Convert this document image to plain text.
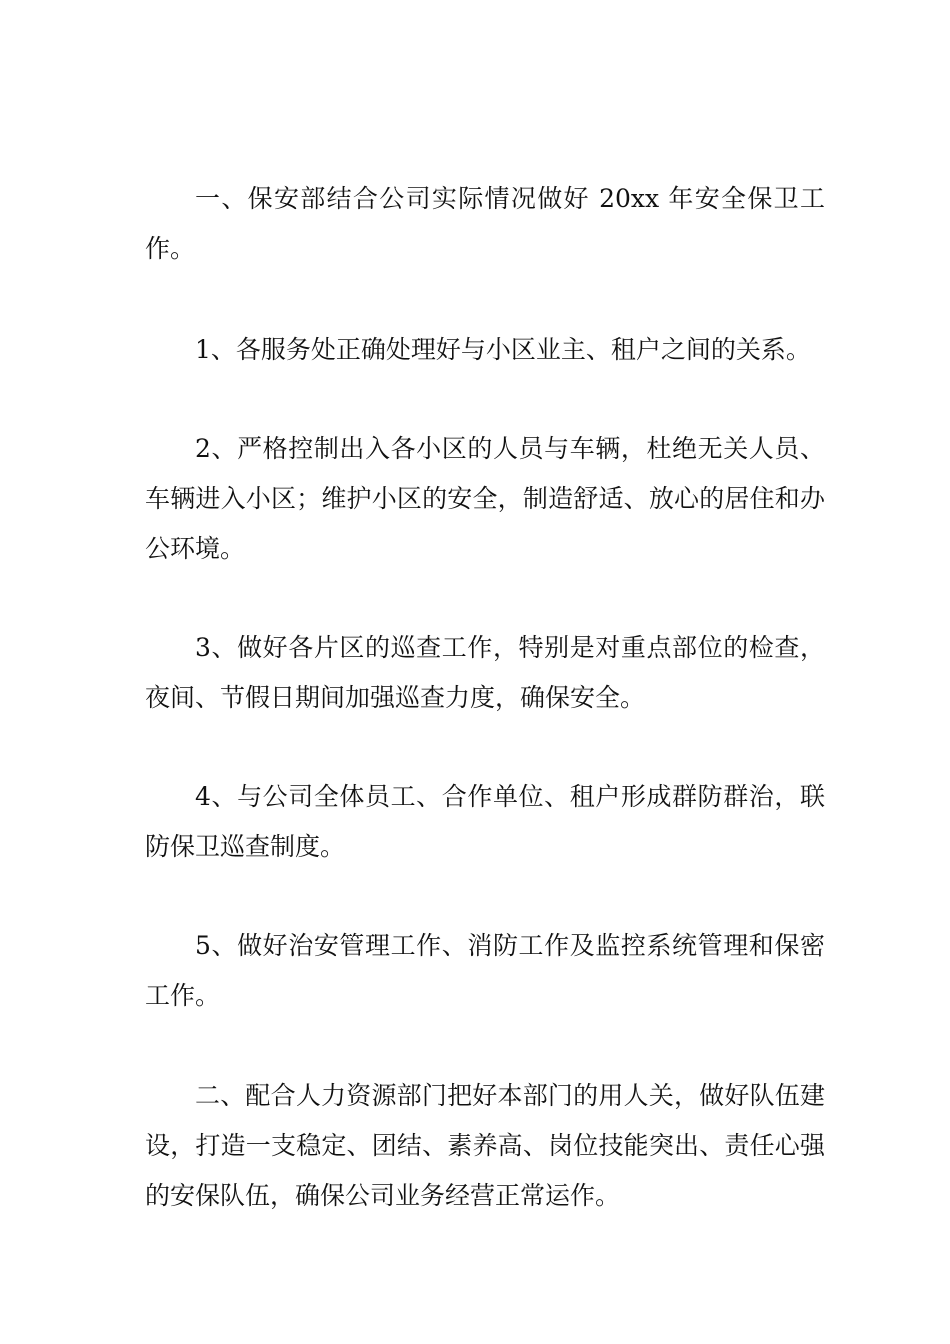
一、保安部结合公司实际情况做好 20xx 年安全保卫工作。

1、各服务处正确处理好与小区业主、租户之间的关系。

2、严格控制出入各小区的人员与车辆，杜绝无关人员、车辆进入小区；维护小区的安全，制造舒适、放心的居住和办公环境。

3、做好各片区的巡查工作，特别是对重点部位的检查，夜间、节假日期间加强巡查力度，确保安全。

4、与公司全体员工、合作单位、租户形成群防群治，联防保卫巡查制度。

5、做好治安管理工作、消防工作及监控系统管理和保密工作。

二、配合人力资源部门把好本部门的用人关，做好队伍建设，打造一支稳定、团结、素养高、岗位技能突出、责任心强的安保队伍，确保公司业务经营正常运作。
